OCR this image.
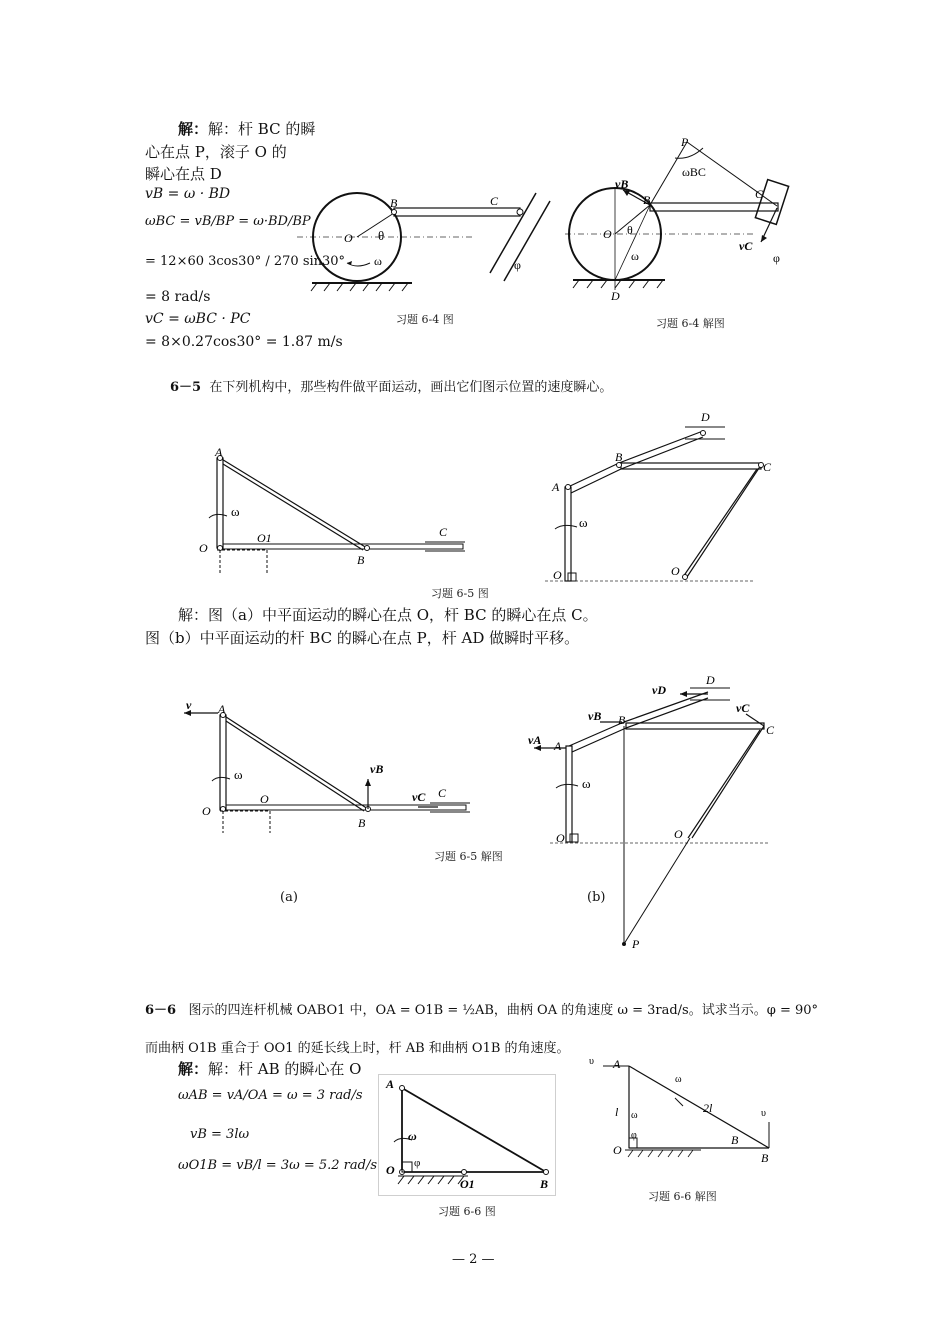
解：解：杆 BC 的瞬
心在点 P，滚子 O 的
瞬心在点 D
vB = ω · BD
ωBC = vB/BP = ω·BD/BP
= 12×60 3cos30° / 270 sin30°
= 8 rad/s
vC = ωBC · PC
= 8×0.27cos30° = 1.87 m/s
O
B	C
θ
ω	φ
习题 6-4 图
P
ωBC
vB
B	C
O θ
ω
vC
φ
D
习题 6-4 解图
6－5 在下列机构中，那些构件做平面运动，画出它们图示位置的速度瞬心。
A
ω
O
O1
B
C
D
B
C
A
ω
O	O
习题 6-5 图
解：图（a）中平面运动的瞬心在点 O，杆 BC 的瞬心在点 C。
图（b）中平面运动的杆 BC 的瞬心在点 P，杆 AD 做瞬时平移。
v A
ω
O
O
vB
B
vC C
习题 6-5 解图
(a)	(b)
D
vD
vB B
vC
C
vA A
ω
O	O
P
6－6 图示的四连杆机械 OABO1 中，OA = O1B = ½AB，曲柄 OA 的角速度 ω = 3rad/s。试求当示。φ = 90°
而曲柄 O1B 重合于 OO1 的延长线上时，杆 AB 和曲柄 O1B 的角速度。
解：解：杆 AB 的瞬心在 O
ωAB = vA/OA = ω = 3 rad/s
vB = 3lω
ωO1B = vB/l = 3ω = 5.2 rad/s
A
ω
O φ
O1	B
习题 6-6 图
υ A
ω
2l
l ω
φ
O
B
υ
B
习题 6-6 解图
— 2 —
